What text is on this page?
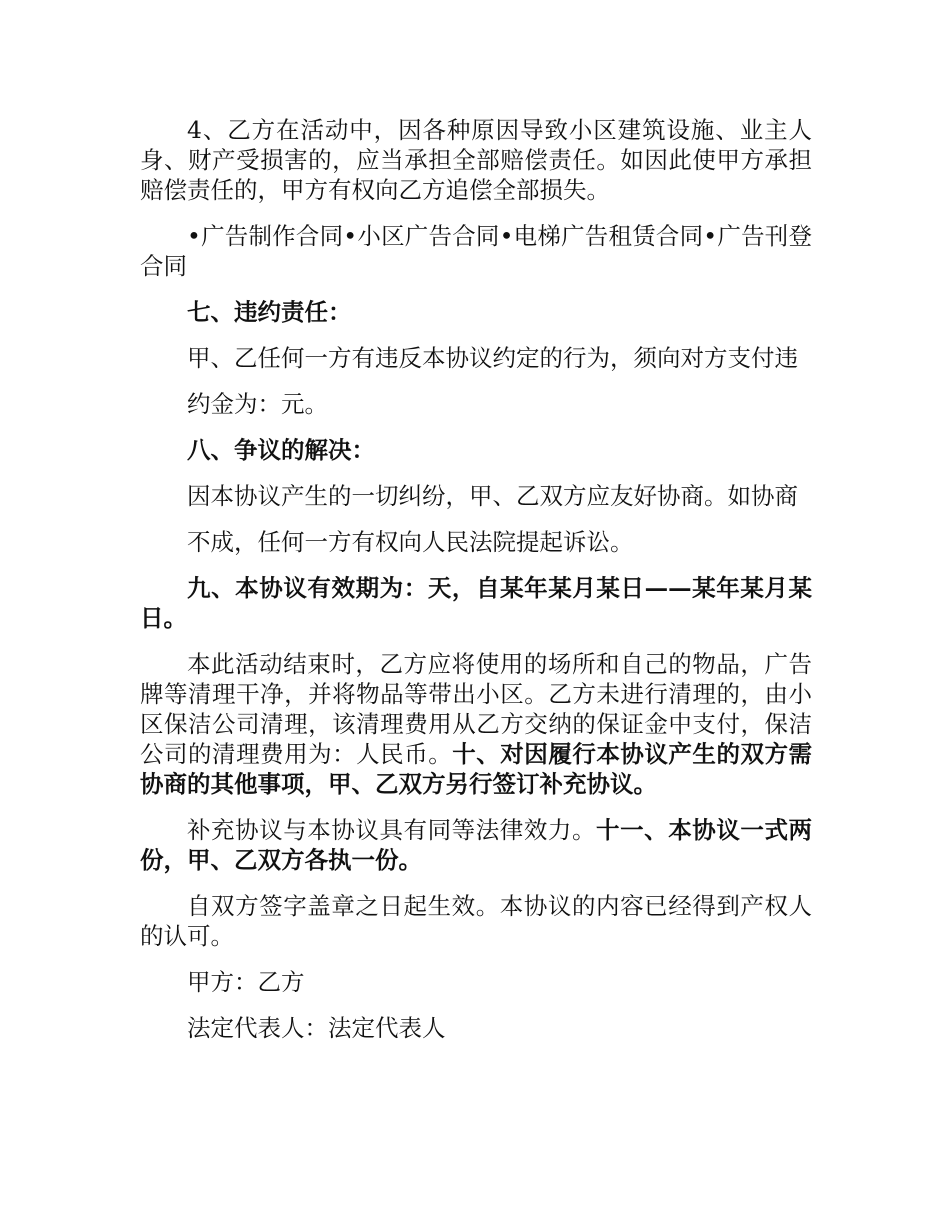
4、乙方在活动中，因各种原因导致小区建筑设施、业主人身、财产受损害的，应当承担全部赔偿责任。如因此使甲方承担赔偿责任的，甲方有权向乙方追偿全部损失。

•广告制作合同•小区广告合同•电梯广告租赁合同•广告刊登合同

七、违约责任：

甲、乙任何一方有违反本协议约定的行为，须向对方支付违

约金为：元。

八、争议的解决：

因本协议产生的一切纠纷，甲、乙双方应友好协商。如协商

不成，任何一方有权向人民法院提起诉讼。

九、本协议有效期为：天，自某年某月某日——某年某月某日。

本此活动结束时，乙方应将使用的场所和自己的物品，广告牌等清理干净，并将物品等带出小区。乙方未进行清理的，由小区保洁公司清理，该清理费用从乙方交纳的保证金中支付，保洁公司的清理费用为：人民币。十、对因履行本协议产生的双方需协商的其他事项，甲、乙双方另行签订补充协议。

补充协议与本协议具有同等法律效力。十一、本协议一式两份，甲、乙双方各执一份。

自双方签字盖章之日起生效。本协议的内容已经得到产权人的认可。

甲方：乙方

法定代表人：法定代表人
